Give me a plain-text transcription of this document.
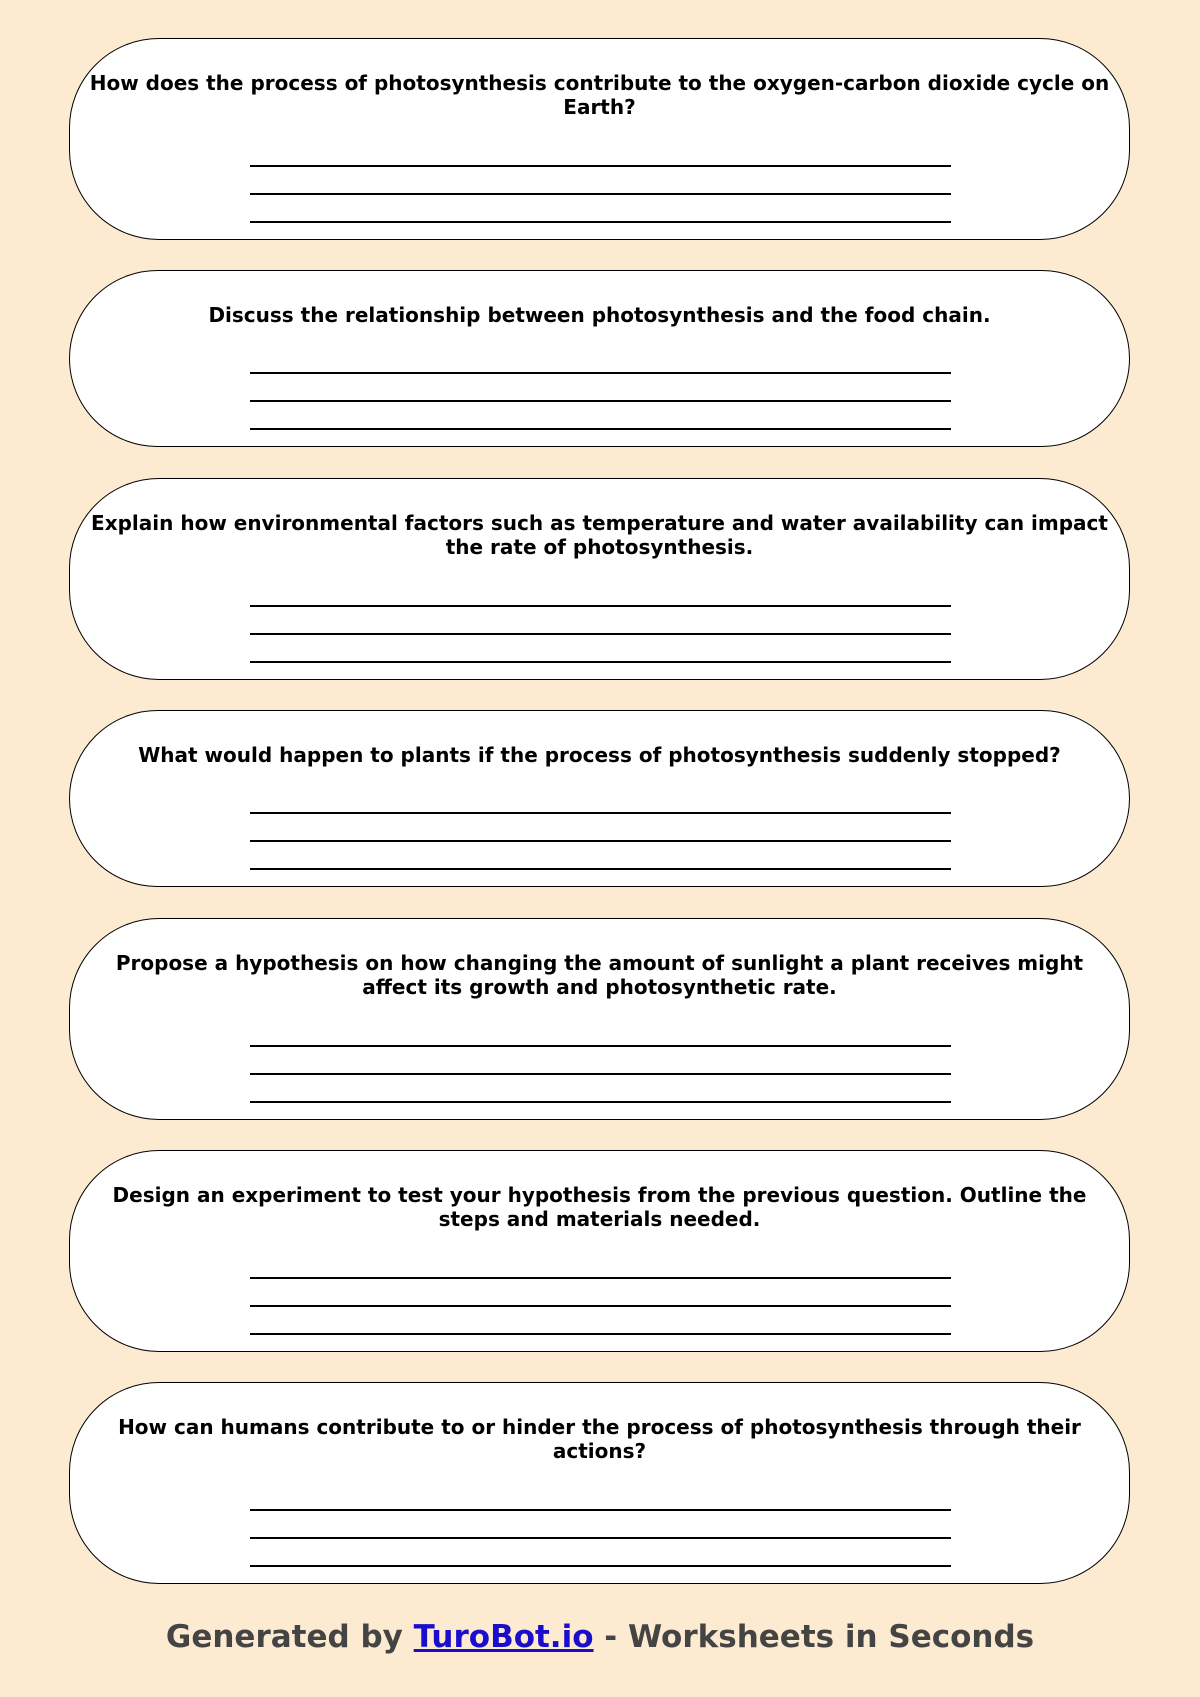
How does the process of photosynthesis contribute to the oxygen-carbon dioxide cycle on Earth?

Discuss the relationship between photosynthesis and the food chain.

Explain how environmental factors such as temperature and water availability can impact the rate of photosynthesis.

What would happen to plants if the process of photosynthesis suddenly stopped?

Propose a hypothesis on how changing the amount of sunlight a plant receives might affect its growth and photosynthetic rate.

Design an experiment to test your hypothesis from the previous question. Outline the steps and materials needed.

How can humans contribute to or hinder the process of photosynthesis through their actions?

Generated by TuroBot.io - Worksheets in Seconds
